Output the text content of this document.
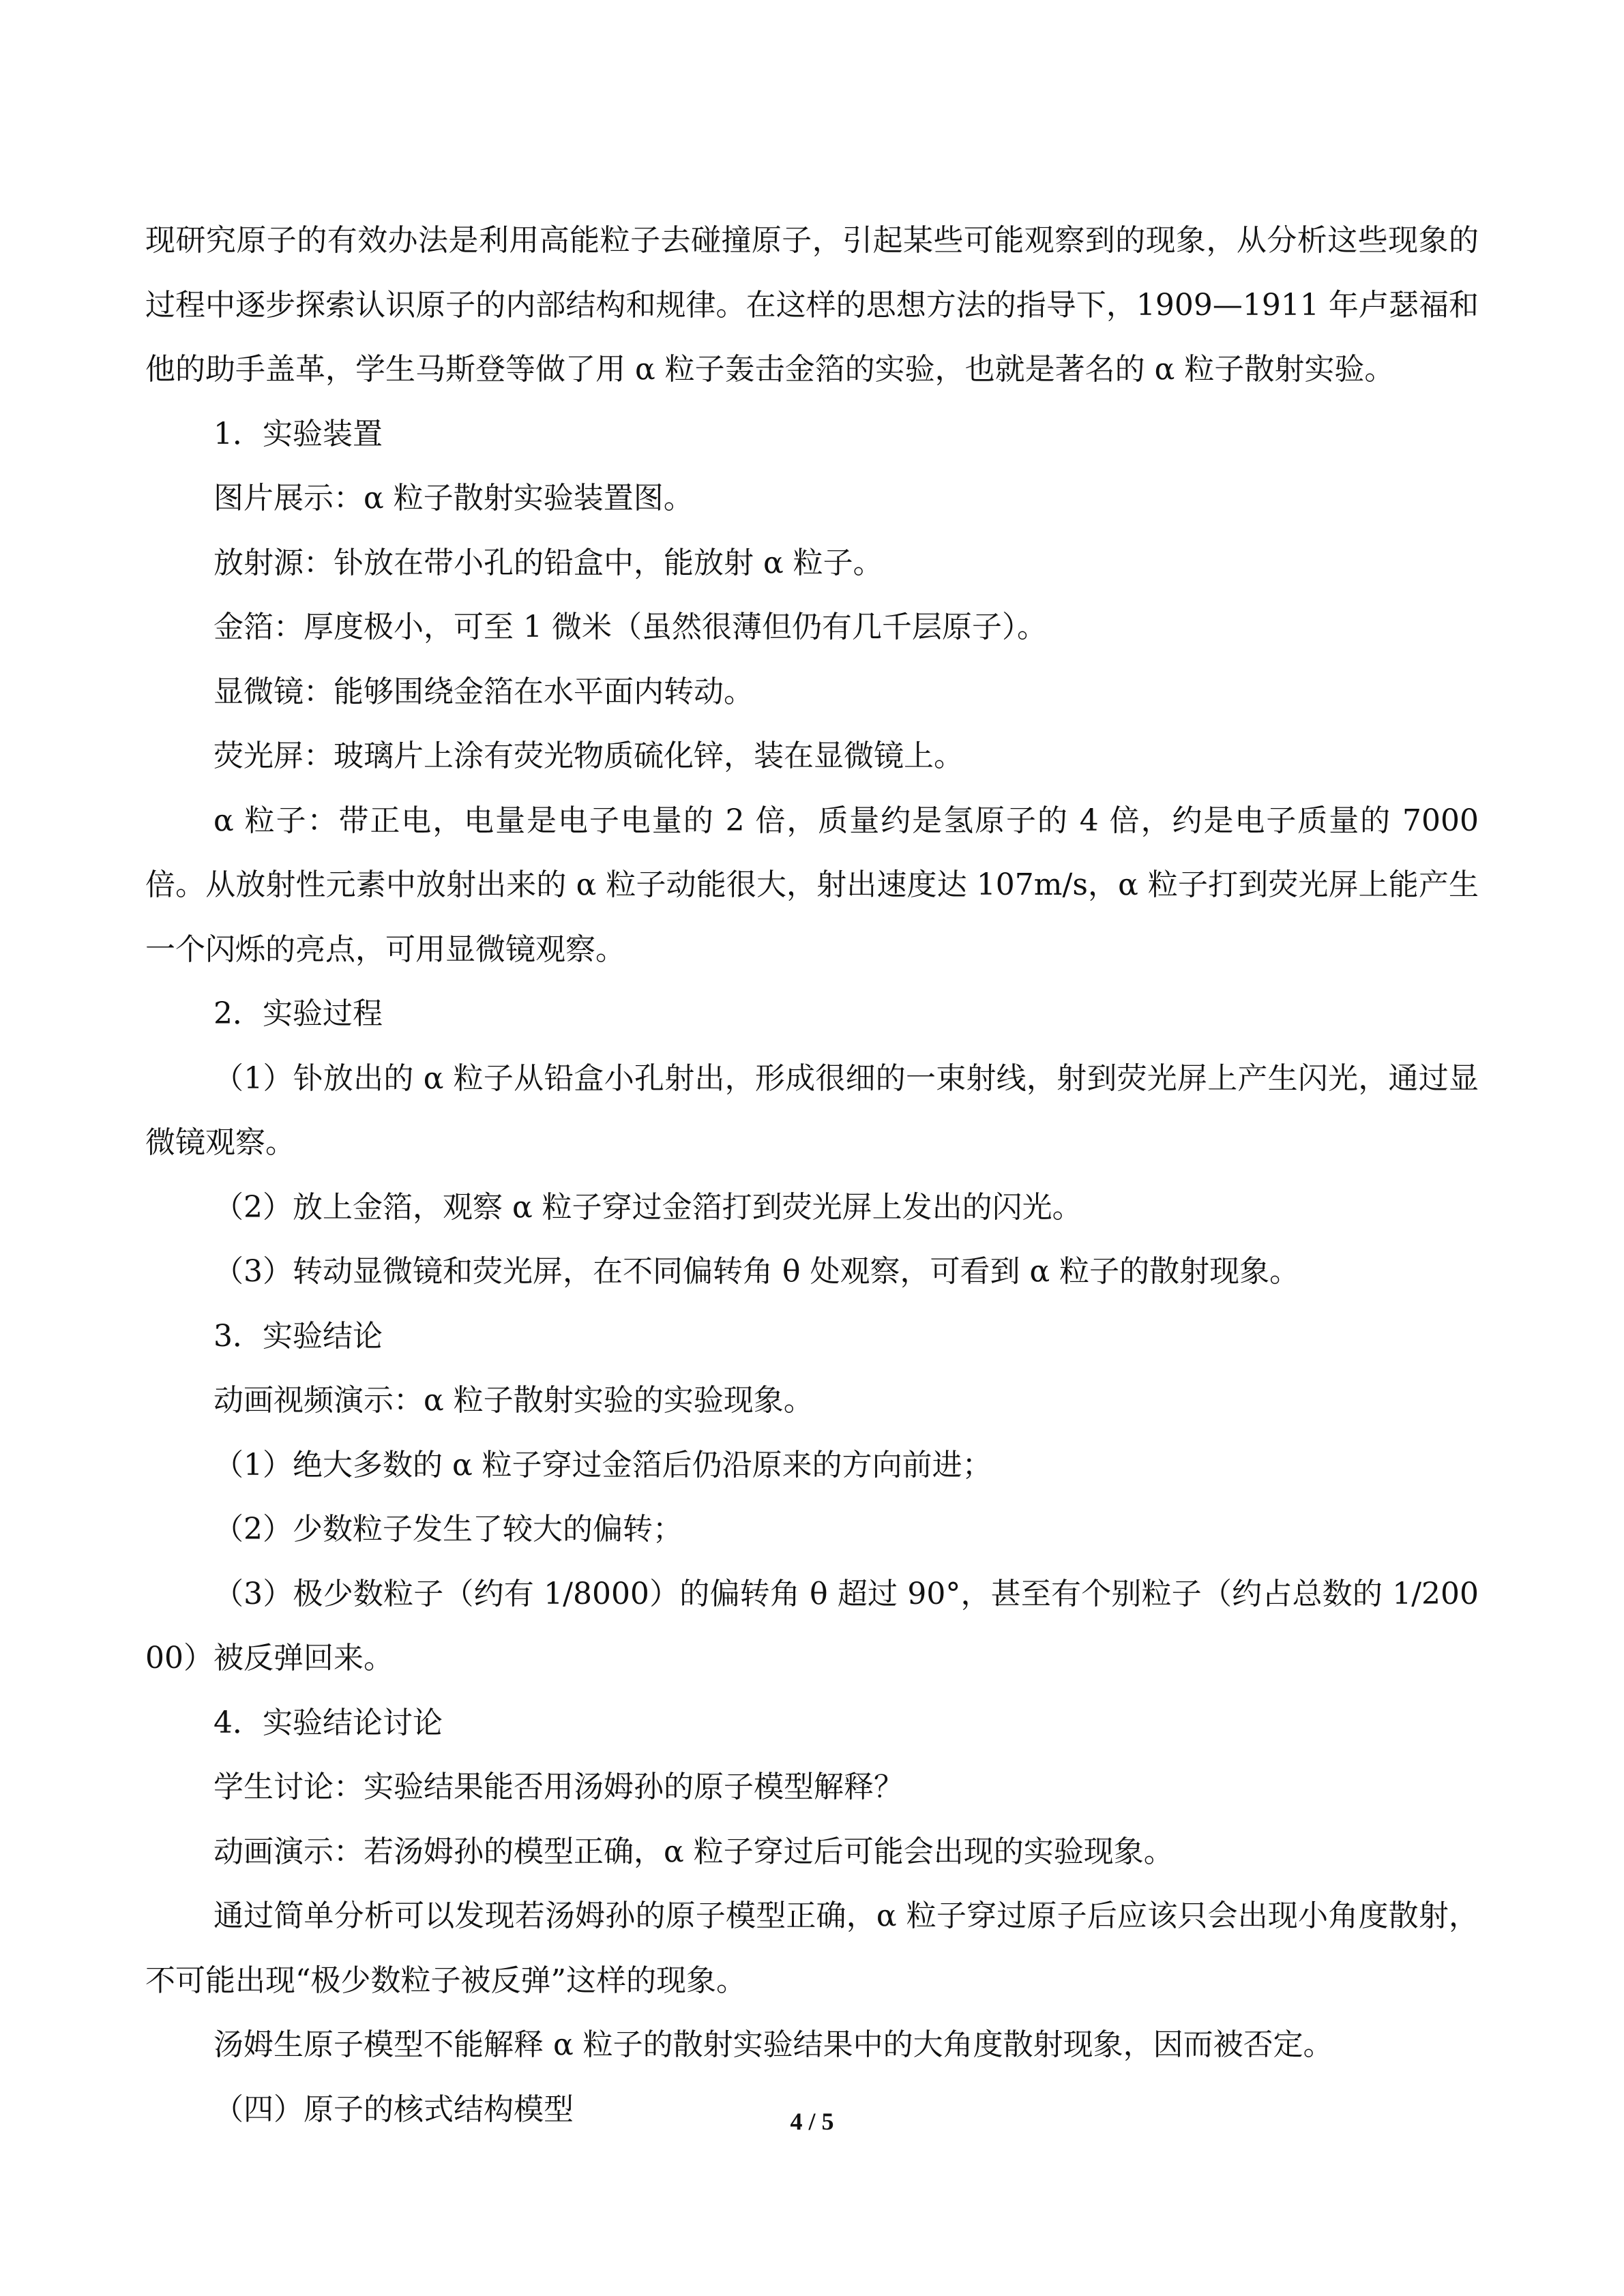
现研究原子的有效办法是利用高能粒子去碰撞原子，引起某些可能观察到的现象，从分析这些现象的过程中逐步探索认识原子的内部结构和规律。在这样的思想方法的指导下，1909—1911 年卢瑟福和他的助手盖革，学生马斯登等做了用 α 粒子轰击金箔的实验，也就是著名的 α 粒子散射实验。

1．实验装置

图片展示：α 粒子散射实验装置图。

放射源：钋放在带小孔的铅盒中，能放射 α 粒子。

金箔：厚度极小，可至 1 微米（虽然很薄但仍有几千层原子）。

显微镜：能够围绕金箔在水平面内转动。

荧光屏：玻璃片上涂有荧光物质硫化锌，装在显微镜上。

α 粒子：带正电，电量是电子电量的 2 倍，质量约是氢原子的 4 倍，约是电子质量的 7000 倍。从放射性元素中放射出来的 α 粒子动能很大，射出速度达 107m/s，α 粒子打到荧光屏上能产生一个闪烁的亮点，可用显微镜观察。

2．实验过程

（1）钋放出的 α 粒子从铅盒小孔射出，形成很细的一束射线，射到荧光屏上产生闪光，通过显微镜观察。

（2）放上金箔，观察 α 粒子穿过金箔打到荧光屏上发出的闪光。

（3）转动显微镜和荧光屏，在不同偏转角 θ 处观察，可看到 α 粒子的散射现象。

3．实验结论

动画视频演示：α 粒子散射实验的实验现象。

（1）绝大多数的 α 粒子穿过金箔后仍沿原来的方向前进；

（2）少数粒子发生了较大的偏转；

（3）极少数粒子（约有 1/8000）的偏转角 θ 超过 90°，甚至有个别粒子（约占总数的 1/20000）被反弹回来。

4．实验结论讨论

学生讨论：实验结果能否用汤姆孙的原子模型解释？

动画演示：若汤姆孙的模型正确，α 粒子穿过后可能会出现的实验现象。

通过简单分析可以发现若汤姆孙的原子模型正确，α 粒子穿过原子后应该只会出现小角度散射，不可能出现“极少数粒子被反弹”这样的现象。

汤姆生原子模型不能解释 α 粒子的散射实验结果中的大角度散射现象，因而被否定。

（四）原子的核式结构模型	4 / 5
